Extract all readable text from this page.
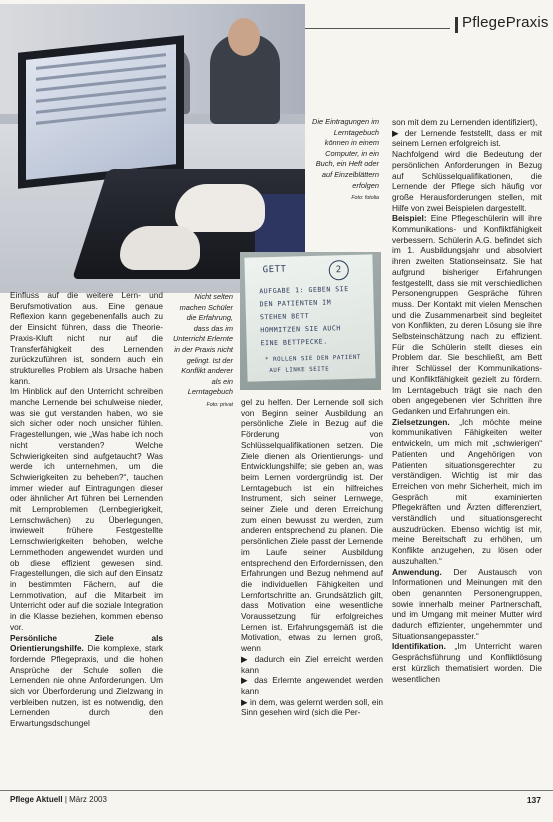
PflegePraxis
Die Eintragungen im Lerntagebuch können in einem Computer, in ein Buch, ein Heft oder auf Einzelblättern erfolgen
Foto: fotolia
GETT	2
AUFGABE 1: GEBEN SIE
DEN PATIENTEN IM
STEHEN BETT
HOMMITZEN SIE AUCH
EINE BETTPECKE.
* ROLLEN SIE DEN PATIENT
AUF LINKE SEITE
Nicht selten machen Schüler die Erfahrung, dass das im Unterricht Erlernte in der Praxis nicht gelingt. Ist der Konflikt anderer als ein Lerntagebuch
Foto: privat

Einfluss auf die weitere Lern- und Berufsmotivation aus. Eine genaue Reflexion kann gegebenenfalls auch zu der Einsicht führen, dass die Theorie-Praxis-Kluft nicht nur auf die Transferfähigkeit des Lernenden zurückzuführen ist, sondern auch ein strukturelles Problem als Ursache haben kann.

Im Hinblick auf den Unterricht schreiben manche Lernende bei schulweise nieder, was sie gut verstanden haben, wo sie sich sicher oder noch unsicher fühlen. Fragestellungen, wie „Was habe ich noch nicht verstanden? Welche Schwierigkeiten sind aufgetaucht? Was werde ich unternehmen, um die Schwierigkeiten zu beheben?“, tauchen immer wieder auf Eintragungen dieser oder ähnlicher Art führen bei Lernenden mit Lernproblemen (Lernbegierigkeit, Lernschwächen) zu Überlegungen, inwieweit frühere Festgestellte Lernschwierigkeiten behoben, welche Lernmethoden angewendet wurden und ob diese effizient gewesen sind. Fragestellungen, die sich auf den Einsatz in bestimmten Fächern, auf die Lernmotivation, auf die Mitarbeit im Unterricht oder auf die soziale Integration in die Klasse beziehen, kommen ebenso vor.

Persönliche Ziele als Orientierungshilfe. Die komplexe, stark fordernde Pflegepraxis, und die hohen Ansprüche der Schule sollen die Lernenden nie ohne Anforderungen. Um sich vor Überforderung und Zielzwang in verbleiben nutzen, ist es notwendig, den Lernenden durch den Erwartungsdschungel

gel zu helfen. Der Lernende soll sich von Beginn seiner Ausbildung an persönliche Ziele in Bezug auf die Förderung von Schlüsselqualifikationen setzen. Die Ziele dienen als Orientierungs- und Entwicklungshilfe; sie geben an, was beim Lernen vordergründig ist. Der Lerntagebuch ist ein hilfreiches Instrument, sich seiner Lernwege, seiner Ziele und deren Erreichung zum einen bewusst zu werden, zum anderen entsprechend zu planen. Die persönlichen Ziele passt der Lernende im Laufe seiner Ausbildung entsprechend den Erfordernissen, den Erfahrungen und Bezug nehmend auf die individuellen Fähigkeiten und Lernfortschritte an. Grundsätzlich gilt, dass Motivation eine wesentliche Voraussetzung für erfolgreiches Lernen ist. Erfahrungsgemäß ist die Motivation, etwas zu lernen groß, wenn

▶ dadurch ein Ziel erreicht werden kann

▶ das Erlernte angewendet werden kann

▶ in dem, was gelernt werden soll, ein Sinn gesehen wird (sich die Per-

son mit dem zu Lernenden identifiziert),

▶ der Lernende feststellt, dass er mit seinem Lernen erfolgreich ist.

Nachfolgend wird die Bedeutung der persönlichen Anforderungen in Bezug auf Schlüsselqualifikationen, die Lernende der Pflege sich häufig vor große Herausforderungen stellen, mit Hilfe von zwei Beispielen dargestellt.

Beispiel: Eine Pflegeschülerin will ihre Kommunikations- und Konfliktfähigkeit verbessern. Schülerin A.G. befindet sich im 1. Ausbildungsjahr und absolviert ihren zweiten Stationseinsatz. Sie hat aufgrund bisheriger Erfahrungen festgestellt, dass sie mit verschiedlichen Personengruppen Gespräche führen muss. Der Kontakt mit vielen Menschen und die Zusammenarbeit sind begleitet von Konflikten, zu deren Lösung sie ihre Selbsteinschätzung nach zu effizient. Für die Schülerin stellt dieses ein Problem dar. Sie beschließt, am Bett ihrer Schlüssel der Kommunikations- und Konfliktfähigkeit gezielt zu fördern. Im Lerntagebuch trägt sie nach den oben angegebenen vier Schritten ihre Gedanken und Erfahrungen ein.

Zielsetzungen. „Ich möchte meine kommunikativen Fähigkeiten weiter entwickeln, um mich mit „schwierigen“ Patienten und Angehörigen von Patienten situationsgerechter zu verständigen. Wichtig ist mir das Erreichen von mehr Sicherheit, mich im Gespräch mit examinierten Pflegekräften und Ärzten differenziert, verständlich und situationsgerecht auszudrücken. Ebenso wichtig ist mir, meine Bereitschaft zu erhöhen, um Konflikte anzugehen, zu lösen oder auszuhalten.“

Anwendung. Der Austausch von Informationen und Meinungen mit den oben genannten Personengruppen, sowie innerhalb meiner Partnerschaft, und im Umgang mit meiner Mutter wird dadurch effizienter, ungehemmter und Situationsangepasster.“

Identifikation. „Im Unterricht waren Gesprächsführung und Konfliktlösung erst kürzlich thematisiert worden. Die wesentlichen

Pflege Aktuell | März 2003	137
